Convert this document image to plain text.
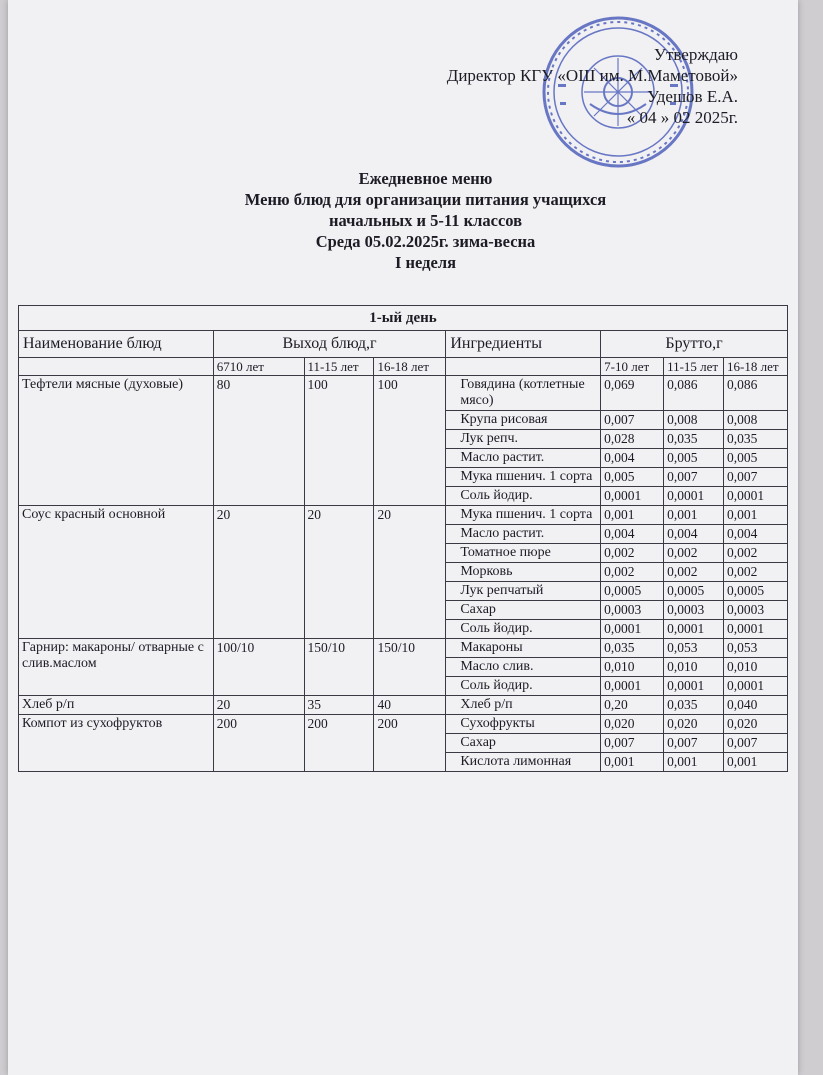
Утверждаю
Директор КГУ «ОШ им. М.Маметовой»
Удешов Е.А.
« 04 » 02 2025г.
Ежедневное меню
Меню блюд для организации питания учащихся
начальных и 5-11 классов
Среда 05.02.2025г. зима-весна
I неделя
1-ый день							
Наименование блюд	Выход блюд,г			Ингредиенты	Брутто,г		
	6710 лет	11-15 лет	16-18 лет		7-10 лет	11-15 лет	16-18 лет
Тефтели мясные (духовые)	80	100	100	Говядина (котлетные мясо)	0,069	0,086	0,086
				Крупа рисовая	0,007	0,008	0,008
				Лук репч.	0,028	0,035	0,035
				Масло растит.	0,004	0,005	0,005
				Мука пшенич. 1 сорта	0,005	0,007	0,007
				Соль йодир.	0,0001	0,0001	0,0001
Соус красный основной	20	20	20	Мука пшенич. 1 сорта	0,001	0,001	0,001
				Масло растит.	0,004	0,004	0,004
				Томатное пюре	0,002	0,002	0,002
				Морковь	0,002	0,002	0,002
				Лук репчатый	0,0005	0,0005	0,0005
				Сахар	0,0003	0,0003	0,0003
				Соль йодир.	0,0001	0,0001	0,0001
Гарнир: макароны/ отварные с слив.маслом	100/10	150/10	150/10	Макароны	0,035	0,053	0,053
				Масло слив.	0,010	0,010	0,010
				Соль йодир.	0,0001	0,0001	0,0001
Хлеб р/п	20	35	40	Хлеб р/п	0,20	0,035	0,040
Компот из сухофруктов	200	200	200	Сухофрукты	0,020	0,020	0,020
				Сахар	0,007	0,007	0,007
				Кислота лимонная	0,001	0,001	0,001
